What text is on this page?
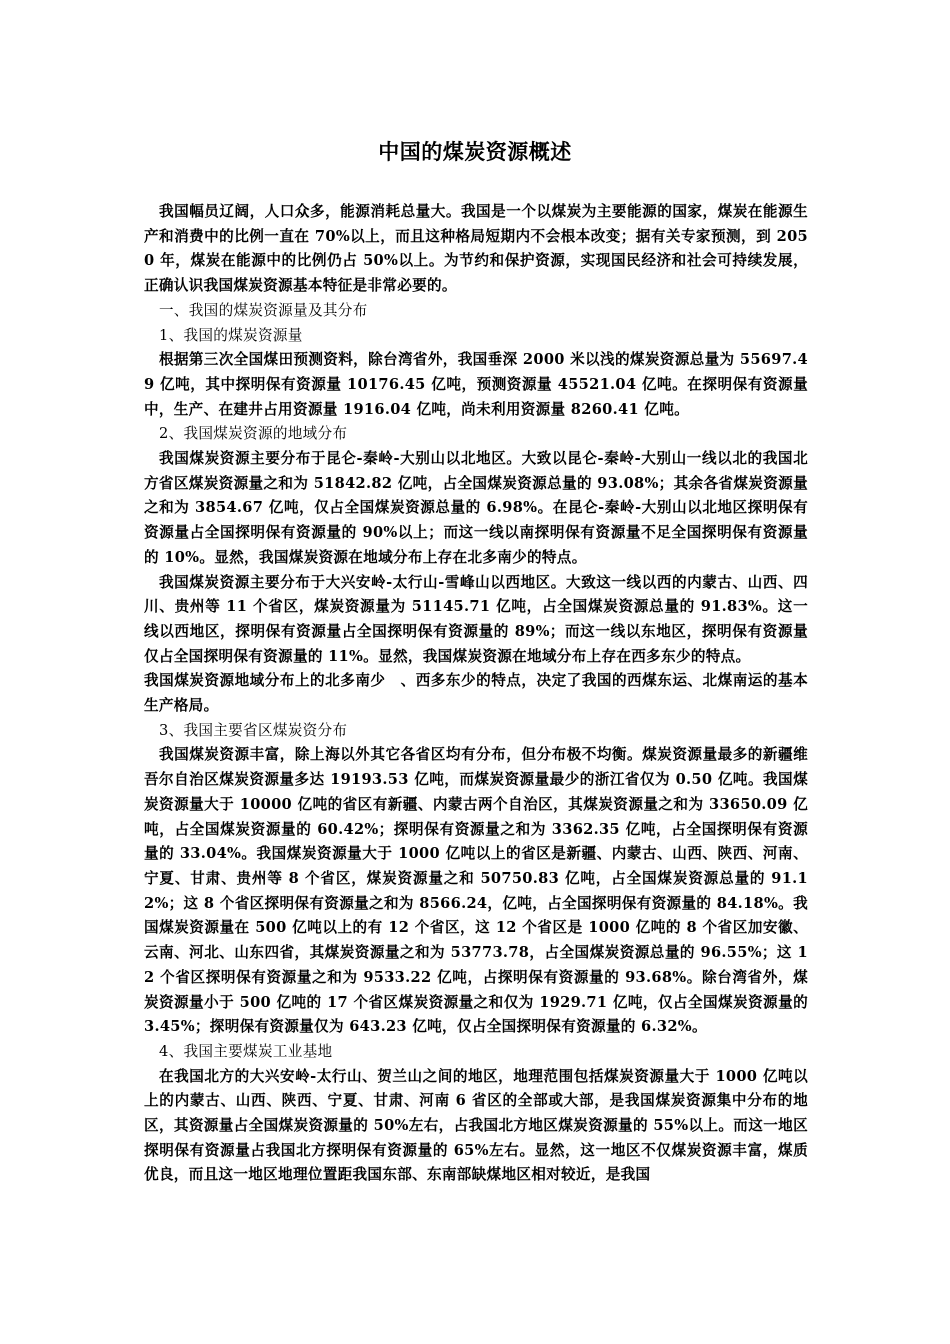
中国的煤炭资源概述

我国幅员辽阔，人口众多，能源消耗总量大。我国是一个以煤炭为主要能源的国家，煤炭在能源生产和消费中的比例一直在 70%以上，而且这种格局短期内不会根本改变；据有关专家预测，到 2050 年，煤炭在能源中的比例仍占 50%以上。为节约和保护资源，实现国民经济和社会可持续发展，正确认识我国煤炭资源基本特征是非常必要的。

一、我国的煤炭资源量及其分布

1、我国的煤炭资源量

根据第三次全国煤田预测资料，除台湾省外，我国垂深 2000 米以浅的煤炭资源总量为 55697.49 亿吨，其中探明保有资源量 10176.45 亿吨，预测资源量 45521.04 亿吨。在探明保有资源量中，生产、在建井占用资源量 1916.04 亿吨，尚未利用资源量 8260.41 亿吨。

2、我国煤炭资源的地域分布

我国煤炭资源主要分布于昆仑-秦岭-大别山以北地区。大致以昆仑-秦岭-大别山一线以北的我国北方省区煤炭资源量之和为 51842.82 亿吨，占全国煤炭资源总量的 93.08%；其余各省煤炭资源量之和为 3854.67 亿吨，仅占全国煤炭资源总量的 6.98%。在昆仑-秦岭-大别山以北地区探明保有资源量占全国探明保有资源量的 90%以上；而这一线以南探明保有资源量不足全国探明保有资源量的 10%。显然，我国煤炭资源在地域分布上存在北多南少的特点。

我国煤炭资源主要分布于大兴安岭-太行山-雪峰山以西地区。大致这一线以西的内蒙古、山西、四川、贵州等 11 个省区，煤炭资源量为 51145.71 亿吨，占全国煤炭资源总量的 91.83%。这一线以西地区，探明保有资源量占全国探明保有资源量的 89%；而这一线以东地区，探明保有资源量仅占全国探明保有资源量的 11%。显然，我国煤炭资源在地域分布上存在西多东少的特点。

我国煤炭资源地域分布上的北多南少　、西多东少的特点，决定了我国的西煤东运、北煤南运的基本生产格局。

3、我国主要省区煤炭资分布

我国煤炭资源丰富，除上海以外其它各省区均有分布，但分布极不均衡。煤炭资源量最多的新疆维吾尔自治区煤炭资源量多达 19193.53 亿吨，而煤炭资源量最少的浙江省仅为 0.50 亿吨。我国煤炭资源量大于 10000 亿吨的省区有新疆、内蒙古两个自治区，其煤炭资源量之和为 33650.09 亿吨，占全国煤炭资源量的 60.42%；探明保有资源量之和为 3362.35 亿吨，占全国探明保有资源量的 33.04%。我国煤炭资源量大于 1000 亿吨以上的省区是新疆、内蒙古、山西、陕西、河南、宁夏、甘肃、贵州等 8 个省区，煤炭资源量之和 50750.83 亿吨，占全国煤炭资源总量的 91.12%；这 8 个省区探明保有资源量之和为 8566.24，亿吨，占全国探明保有资源量的 84.18%。我国煤炭资源量在 500 亿吨以上的有 12 个省区，这 12 个省区是 1000 亿吨的 8 个省区加安徽、云南、河北、山东四省，其煤炭资源量之和为 53773.78，占全国煤炭资源总量的 96.55%；这 12 个省区探明保有资源量之和为 9533.22 亿吨，占探明保有资源量的 93.68%。除台湾省外，煤炭资源量小于 500 亿吨的 17 个省区煤炭资源量之和仅为 1929.71 亿吨，仅占全国煤炭资源量的 3.45%；探明保有资源量仅为 643.23 亿吨，仅占全国探明保有资源量的 6.32%。

4、我国主要煤炭工业基地

在我国北方的大兴安岭-太行山、贺兰山之间的地区，地理范围包括煤炭资源量大于 1000 亿吨以上的内蒙古、山西、陕西、宁夏、甘肃、河南 6 省区的全部或大部，是我国煤炭资源集中分布的地区，其资源量占全国煤炭资源量的 50%左右，占我国北方地区煤炭资源量的 55%以上。而这一地区探明保有资源量占我国北方探明保有资源量的 65%左右。显然，这一地区不仅煤炭资源丰富，煤质优良，而且这一地区地理位置距我国东部、东南部缺煤地区相对较近，是我国
